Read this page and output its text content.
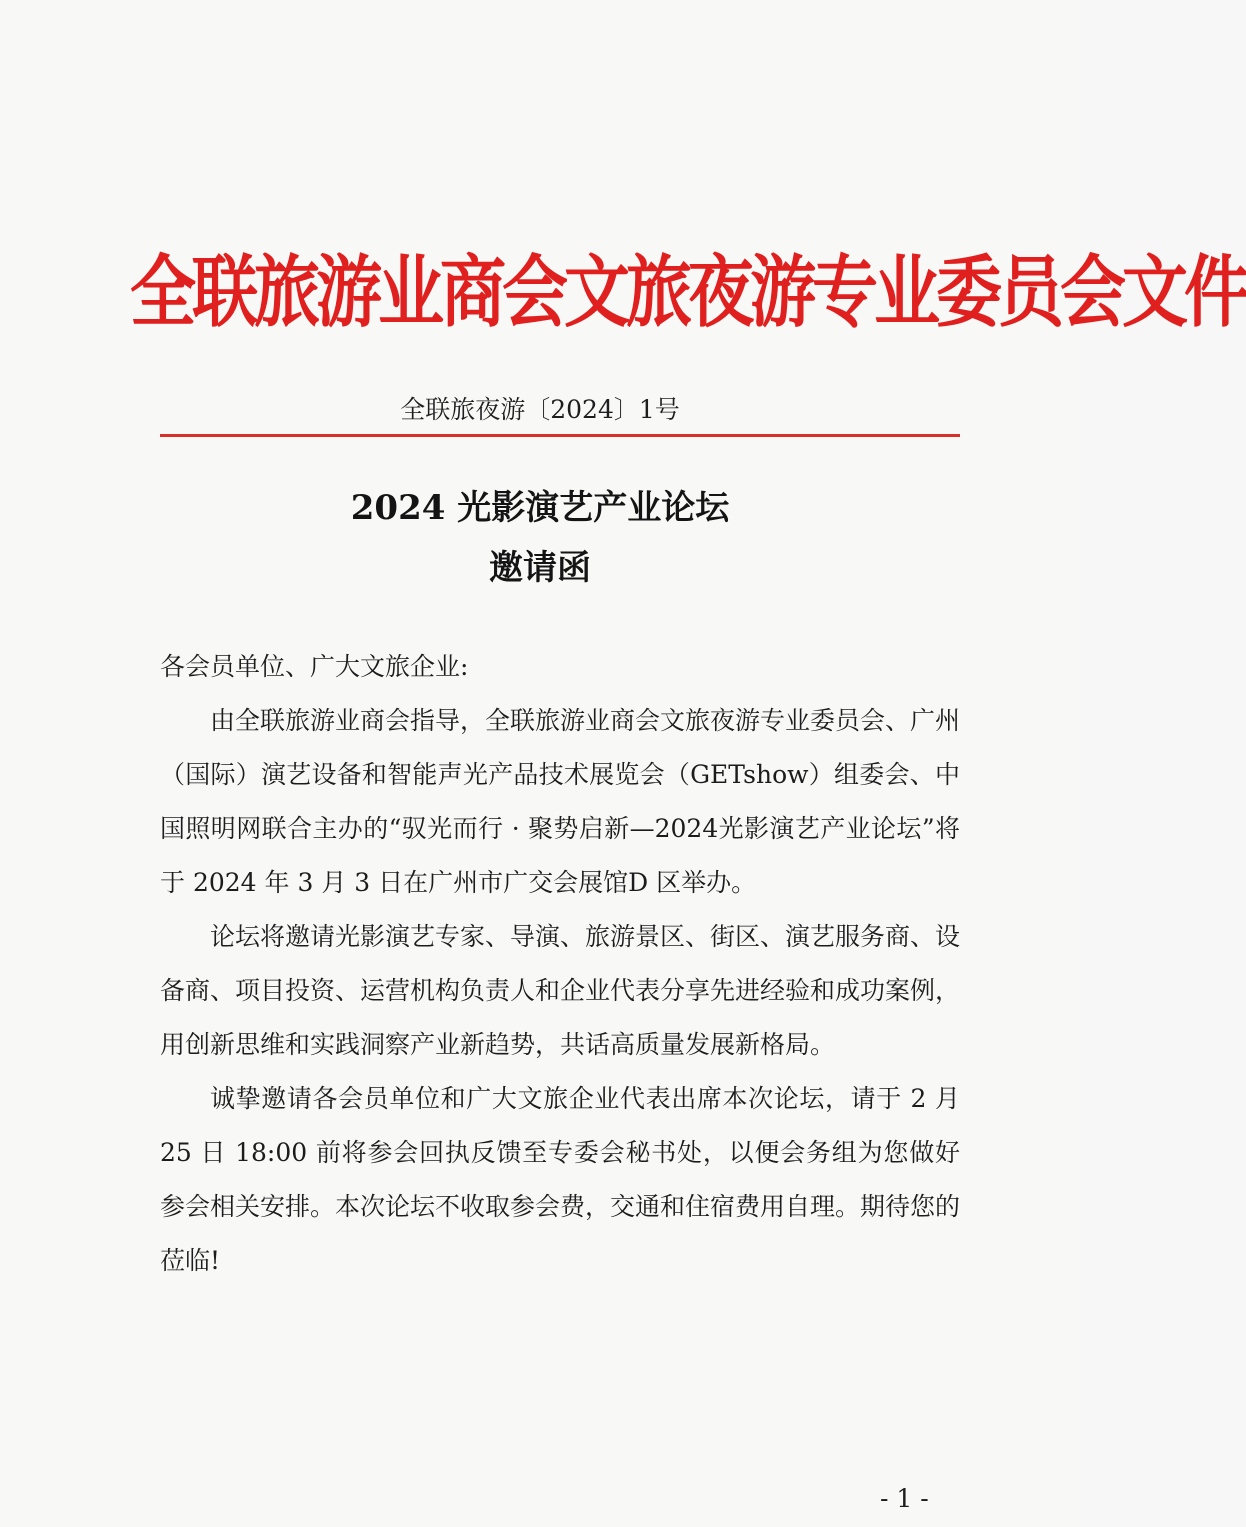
全联旅游业商会文旅夜游专业委员会文件
全联旅夜游〔2024〕1号
2024 光影演艺产业论坛
邀请函

各会员单位、广大文旅企业:

由全联旅游业商会指导，全联旅游业商会文旅夜游专业委员会、广州（国际）演艺设备和智能声光产品技术展览会（GETshow）组委会、中国照明网联合主办的“驭光而行 · 聚势启新—2024光影演艺产业论坛”将于 2024 年 3 月 3 日在广州市广交会展馆D 区举办。

论坛将邀请光影演艺专家、导演、旅游景区、街区、演艺服务商、设备商、项目投资、运营机构负责人和企业代表分享先进经验和成功案例，用创新思维和实践洞察产业新趋势，共话高质量发展新格局。

诚挚邀请各会员单位和广大文旅企业代表出席本次论坛，请于 2 月 25 日 18:00 前将参会回执反馈至专委会秘书处，以便会务组为您做好参会相关安排。本次论坛不收取参会费，交通和住宿费用自理。期待您的莅临!

- 1 -
